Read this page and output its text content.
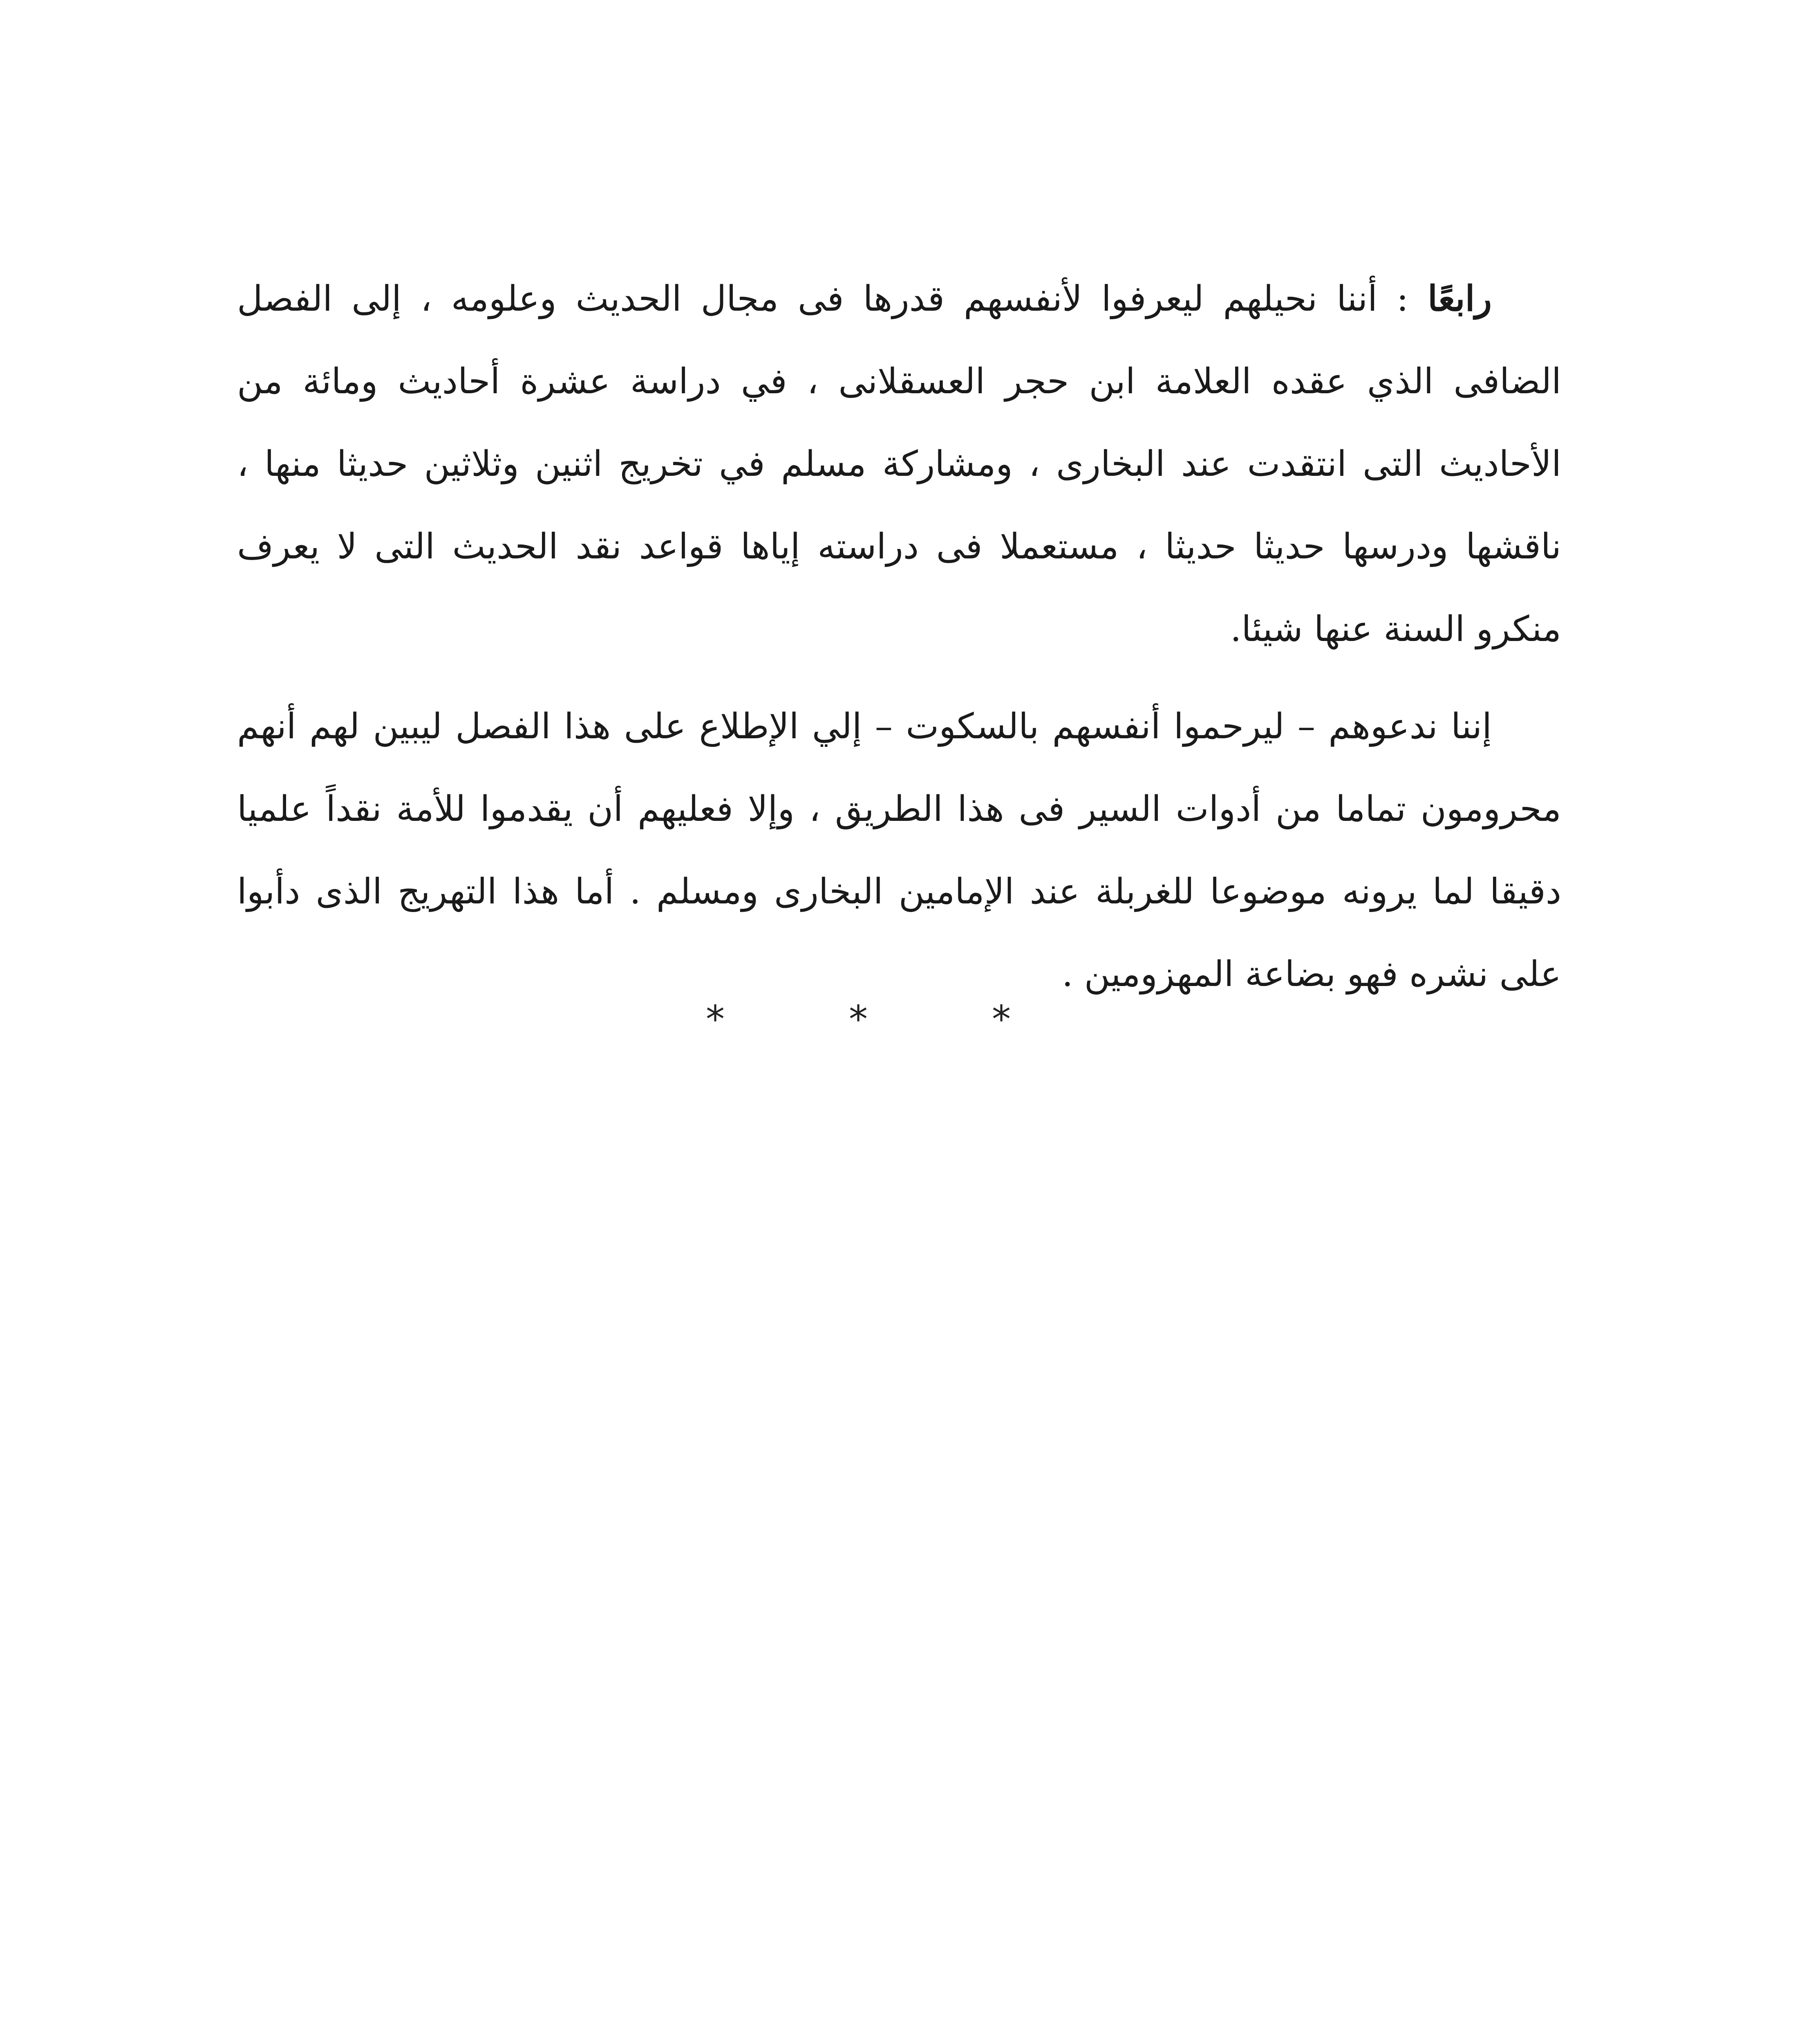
رابعًا : أننا نحيلهم ليعرفوا لأنفسهم قدرها فى مجال الحديث وعلومه ، إلى الفصل الضافى الذي عقده العلامة ابن حجر العسقلانى ، في دراسة عشرة أحاديث ومائة من الأحاديث التى انتقدت عند البخارى ، ومشاركة مسلم في تخريج اثنين وثلاثين حديثا منها ، ناقشها ودرسها حديثا حديثا ، مستعملا فى دراسته إياها قواعد نقد الحديث التى لا يعرف منكرو السنة عنها شيئا.

إننا ندعوهم – ليرحموا أنفسهم بالسكوت – إلي الإطلاع على هذا الفصل ليبين لهم أنهم محرومون تماما من أدوات السير فى هذا الطريق ، وإلا فعليهم أن يقدموا للأمة نقداً علميا دقيقا لما يرونه موضوعا للغربلة عند الإمامين البخارى ومسلم . أما هذا التهريج الذى دأبوا على نشره فهو بضاعة المهزومين .

*	*	*
